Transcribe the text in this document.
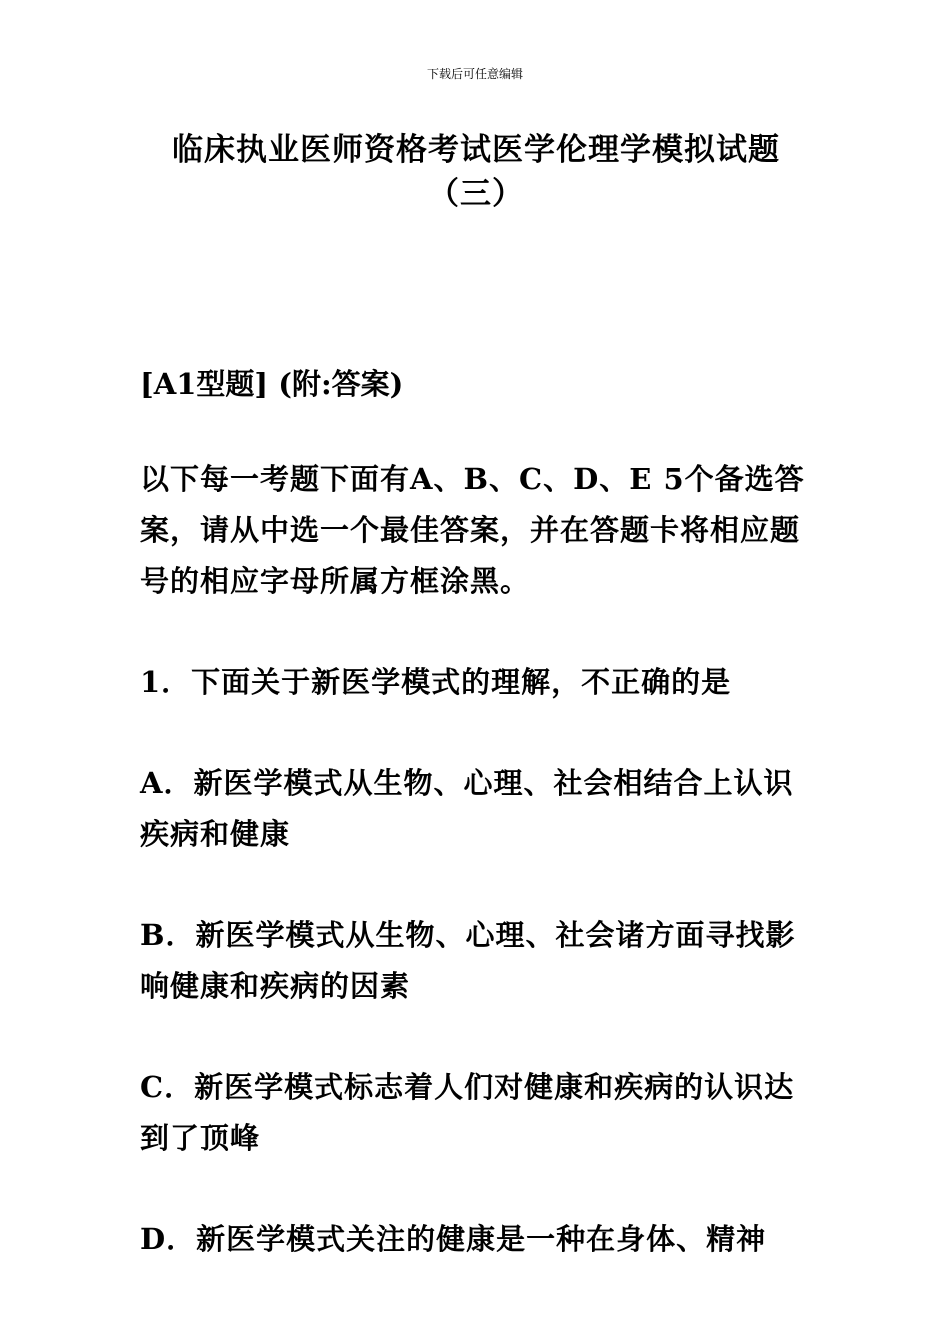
下载后可任意编辑
临床执业医师资格考试医学伦理学模拟试题（三）
[A1型题] (附:答案)

以下每一考题下面有A、B、C、D、E 5个备选答案，请从中选一个最佳答案，并在答题卡将相应题号的相应字母所属方框涂黑。

1．下面关于新医学模式的理解，不正确的是

A．新医学模式从生物、心理、社会相结合上认识疾病和健康

B．新医学模式从生物、心理、社会诸方面寻找影响健康和疾病的因素

C．新医学模式标志着人们对健康和疾病的认识达到了顶峰

D．新医学模式关注的健康是一种在身体、精神
